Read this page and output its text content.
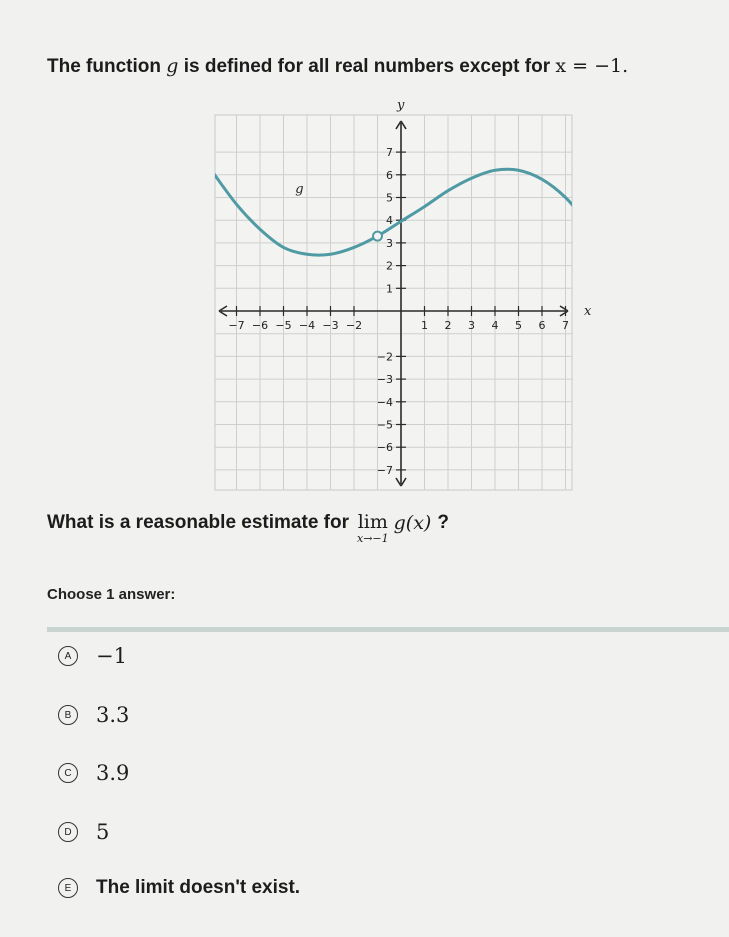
The function g is defined for all real numbers except for x = −1.
−7 −6 −5 −4 −3 −2	1 2 3 4 5 6 7
−7
−6
−5
−4
−3
−2
1
2
3
4
5
6
7
x
y
g
What is a reasonable estimate for lim
x→−1
g(x) ?
Choose 1 answer:
A	−1
B	3.3
C	3.9
D	5
E	The limit doesn't exist.
